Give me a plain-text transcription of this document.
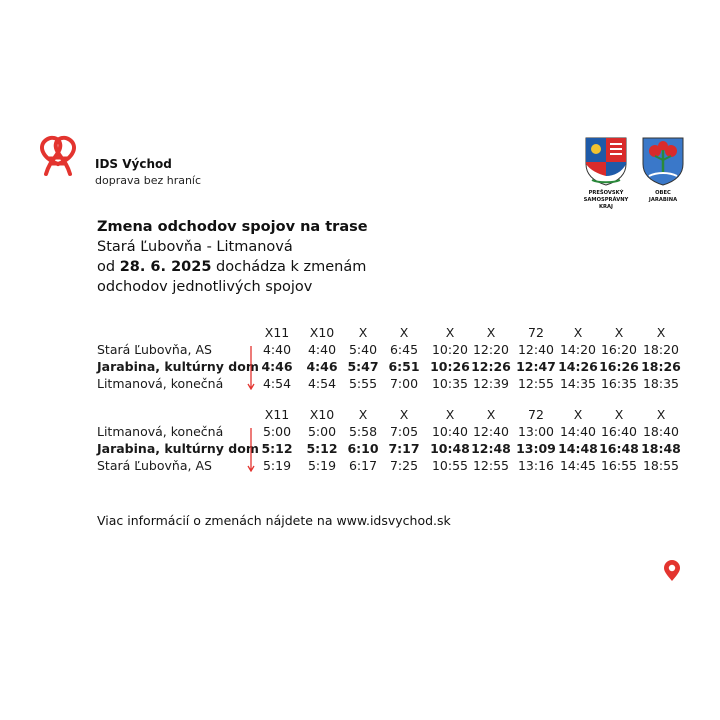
IDS Východ
doprava bez hraníc
PREŠOVSKÝ
SAMOSPRÁVNY
KRAJ
OBEC
JARABINA
Zmena odchodov spojov na trase
Stará Ľubovňa - Litmanová
od 28. 6. 2025 dochádza k zmenám
odchodov jednotlivých spojov
X11	X10	X	X	X	X	72	X	X	X
Stará Ľubovňa, AS	4:40	4:40	5:40	6:45	10:20 12:20 12:40 14:20 16:20 18:20
Jarabina, kultúrny dom 4:46	4:46 5:47 6:51 10:26 12:26 12:47 14:26 16:26 18:26
Litmanová, konečná	4:54	4:54	5:55	7:00	10:35 12:39 12:55 14:35 16:35 18:35
X11	X10	X	X	X	X	72	X	X	X
Litmanová, konečná	5:00	5:00	5:58	7:05	10:40 12:40 13:00 14:40 16:40 18:40
Jarabina, kultúrny dom 5:12	5:12 6:10 7:17 10:48 12:48 13:09 14:48 16:48 18:48
Stará Ľubovňa, AS	5:19	5:19	6:17	7:25	10:55 12:55 13:16 14:45 16:55 18:55
Viac informácií o zmenách nájdete na www.idsvychod.sk
